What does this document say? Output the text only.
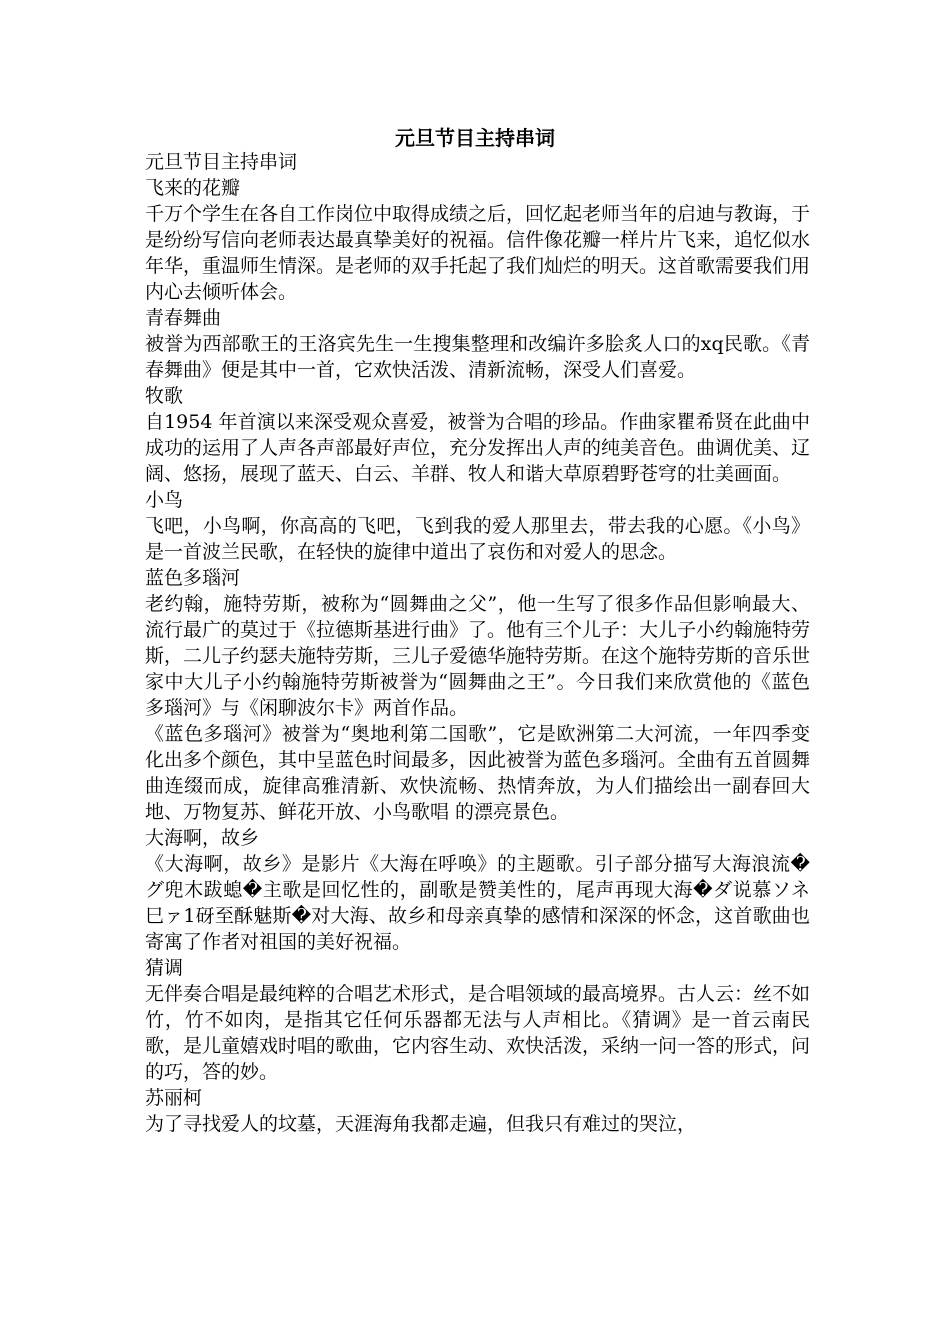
元旦节目主持串词

元旦节目主持串词

飞来的花瓣

千万个学生在各自工作岗位中取得成绩之后，回忆起老师当年的启迪与教诲，于是纷纷写信向老师表达最真挚美好的祝福。信件像花瓣一样片片飞来，追忆似水年华，重温师生情深。是老师的双手托起了我们灿烂的明天。这首歌需要我们用内心去倾听体会。

青春舞曲

被誉为西部歌王的王洛宾先生一生搜集整理和改编许多脍炙人口的xq民歌。《青春舞曲》便是其中一首，它欢快活泼、清新流畅，深受人们喜爱。

牧歌

自1954 年首演以来深受观众喜爱，被誉为合唱的珍品。作曲家瞿希贤在此曲中成功的运用了人声各声部最好声位，充分发挥出人声的纯美音色。曲调优美、辽阔、悠扬，展现了蓝天、白云、羊群、牧人和谐大草原碧野苍穹的壮美画面。

小鸟

飞吧，小鸟啊，你高高的飞吧，飞到我的爱人那里去，带去我的心愿。《小鸟》是一首波兰民歌，在轻快的旋律中道出了哀伤和对爱人的思念。

蓝色多瑙河

老约翰，施特劳斯，被称为“圆舞曲之父”，他一生写了很多作品但影响最大、流行最广的莫过于《拉德斯基进行曲》了。他有三个儿子：大儿子小约翰施特劳斯，二儿子约瑟夫施特劳斯，三儿子爱德华施特劳斯。在这个施特劳斯的音乐世家中大儿子小约翰施特劳斯被誉为“圆舞曲之王”。今日我们来欣赏他的《蓝色多瑙河》与《闲聊波尔卡》两首作品。

《蓝色多瑙河》被誉为“奥地利第二国歌”，它是欧洲第二大河流，一年四季变化出多个颜色，其中呈蓝色时间最多，因此被誉为蓝色多瑙河。全曲有五首圆舞曲连缀而成，旋律高雅清新、欢快流畅、热情奔放，为人们描绘出一副春回大地、万物复苏、鲜花开放、小鸟歌唱 的漂亮景色。

大海啊，故乡

《大海啊，故乡》是影片《大海在呼唤》的主题歌。引子部分描写大海浪流�グ兜木跋螅�主歌是回忆性的，副歌是赞美性的，尾声再现大海�ダ说慕ソネ巳ァ1砑至酥魅斯�对大海、故乡和母亲真挚的感情和深深的怀念，这首歌曲也寄寓了作者对祖国的美好祝福。

猜调

无伴奏合唱是最纯粹的合唱艺术形式，是合唱领域的最高境界。古人云：丝不如竹，竹不如肉，是指其它任何乐器都无法与人声相比。《猜调》是一首云南民歌，是儿童嬉戏时唱的歌曲，它内容生动、欢快活泼，采纳一问一答的形式，问的巧，答的妙。

苏丽柯

为了寻找爱人的坟墓，天涯海角我都走遍，但我只有难过的哭泣，
